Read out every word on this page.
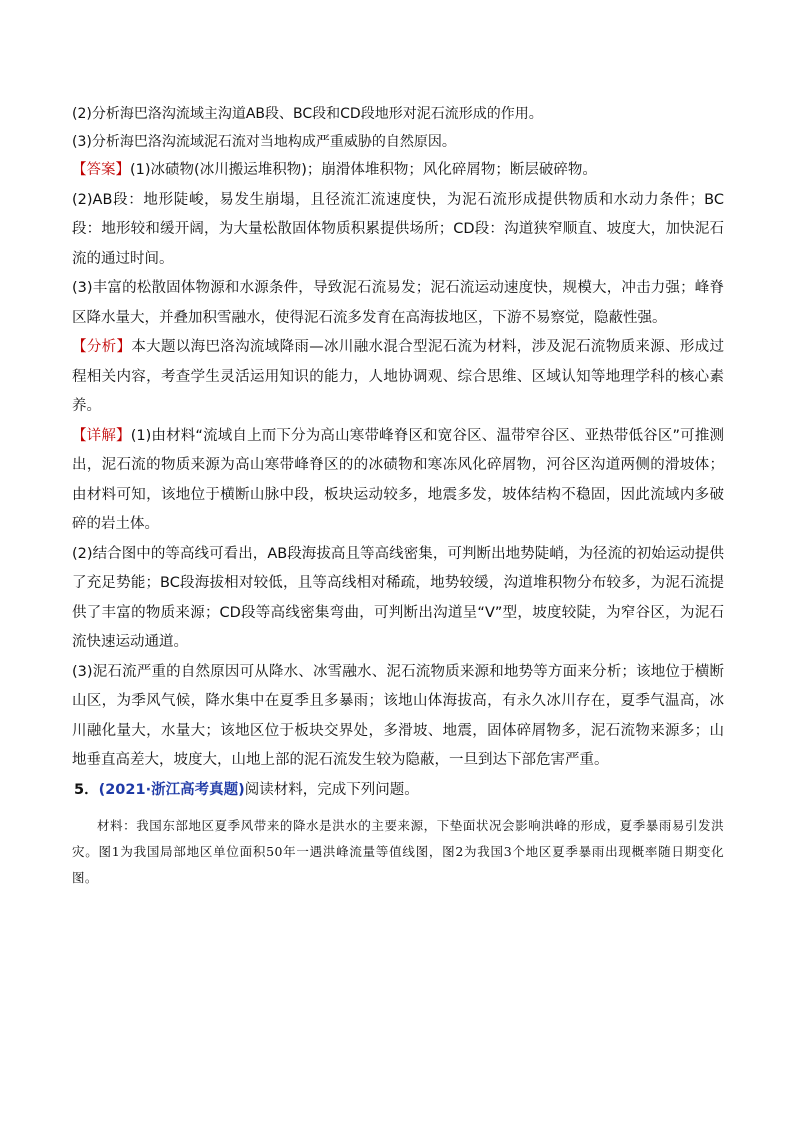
(2)分析海巴洛沟流域主沟道AB段、BC段和CD段地形对泥石流形成的作用。

(3)分析海巴洛沟流域泥石流对当地构成严重威胁的自然原因。

【答案】(1)冰碛物(冰川搬运堆积物)；崩滑体堆积物；风化碎屑物；断层破碎物。

(2)AB段：地形陡峻，易发生崩塌，且径流汇流速度快，为泥石流形成提供物质和水动力条件；BC段：地形较和缓开阔，为大量松散固体物质积累提供场所；CD段：沟道狭窄顺直、坡度大，加快泥石流的通过时间。

(3)丰富的松散固体物源和水源条件，导致泥石流易发；泥石流运动速度快，规模大，冲击力强；峰脊区降水量大，并叠加积雪融水，使得泥石流多发育在高海拔地区，下游不易察觉，隐蔽性强。

【分析】本大题以海巴洛沟流域降雨—冰川融水混合型泥石流为材料，涉及泥石流物质来源、形成过程相关内容，考查学生灵活运用知识的能力，人地协调观、综合思维、区域认知等地理学科的核心素养。

【详解】(1)由材料“流域自上而下分为高山寒带峰脊区和宽谷区、温带窄谷区、亚热带低谷区”可推测出，泥石流的物质来源为高山寒带峰脊区的的冰碛物和寒冻风化碎屑物，河谷区沟道两侧的滑坡体；由材料可知，该地位于横断山脉中段，板块运动较多，地震多发，坡体结构不稳固，因此流域内多破碎的岩土体。

(2)结合图中的等高线可看出，AB段海拔高且等高线密集，可判断出地势陡峭，为径流的初始运动提供了充足势能；BC段海拔相对较低，且等高线相对稀疏，地势较缓，沟道堆积物分布较多，为泥石流提供了丰富的物质来源；CD段等高线密集弯曲，可判断出沟道呈“V”型，坡度较陡，为窄谷区，为泥石流快速运动通道。

(3)泥石流严重的自然原因可从降水、冰雪融水、泥石流物质来源和地势等方面来分析；该地位于横断山区，为季风气候，降水集中在夏季且多暴雨；该地山体海拔高，有永久冰川存在，夏季气温高，冰川融化量大，水量大；该地区位于板块交界处，多滑坡、地震，固体碎屑物多，泥石流物来源多；山地垂直高差大，坡度大，山地上部的泥石流发生较为隐蔽，一旦到达下部危害严重。

5．(2021·浙江高考真题)阅读材料，完成下列问题。

材料：我国东部地区夏季风带来的降水是洪水的主要来源，下垫面状况会影响洪峰的形成，夏季暴雨易引发洪灾。图1为我国局部地区单位面积50年一遇洪峰流量等值线图，图2为我国3个地区夏季暴雨出现概率随日期变化图。
